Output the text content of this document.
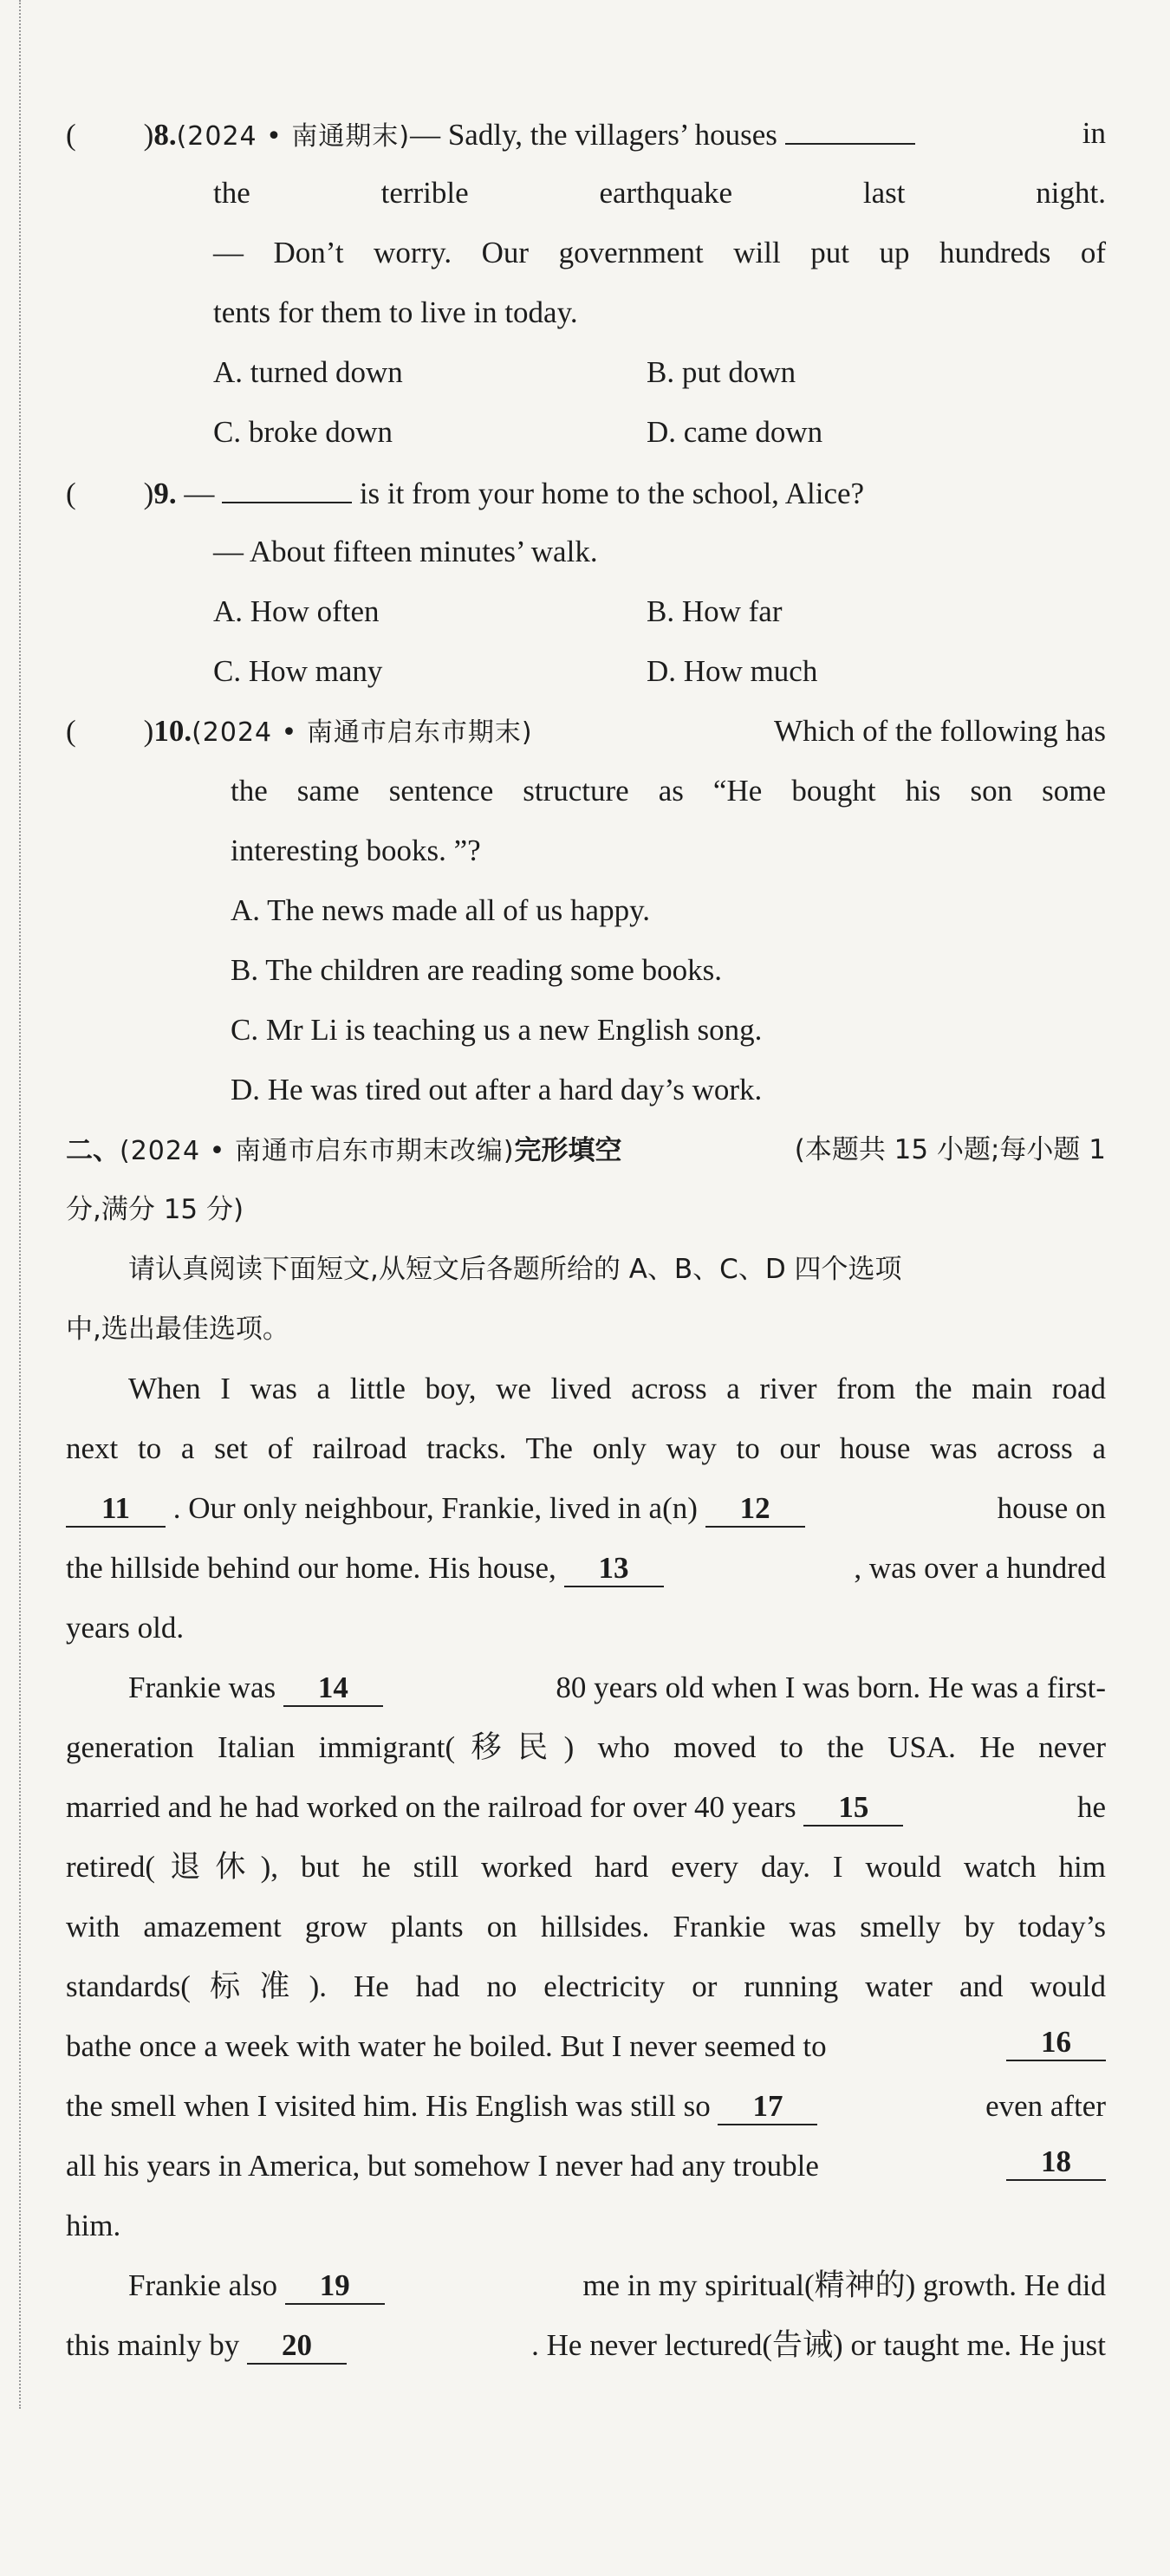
( )8.(2024 • 南通期末)— Sadly, the villagers’ houses	in
the terrible earthquake last night.
— Don’t worry. Our government will put up hundreds of
tents for them to live in today.
A. turned down	B. put down
C. broke down	D. came down
( )9. —	is it from your home to the school, Alice?
— About fifteen minutes’ walk.
A. How often	B. How far
C. How many	D. How much
( )10.(2024 • 南通市启东市期末)	Which of the following has
the same sentence structure as “He bought his son some
interesting books. ”?
A. The news made all of us happy.
B. The children are reading some books.
C. Mr Li is teaching us a new English song.
D. He was tired out after a hard day’s work.
二、(2024 • 南通市启东市期末改编)完形填空	(本题共 15 小题;每小题 1
分,满分 15 分)
请认真阅读下面短文,从短文后各题所给的 A、B、C、D 四个选项
中,选出最佳选项。
When I was a little boy, we lived across a river from the main road
next to a set of railroad tracks. The only way to our house was across a
11 . Our only neighbour, Frankie, lived in a(n) 12	house on
the hillside behind our home. His house, 13	, was over a hundred
years old.
Frankie was 14	80 years old when I was born. He was a first-
generation Italian immigrant(移民) who moved to the USA. He never
married and he had worked on the railroad for over 40 years 15	he
retired(退休), but he still worked hard every day. I would watch him
with amazement grow plants on hillsides. Frankie was smelly by today’s
standards(标准). He had no electricity or running water and would
bathe once a week with water he boiled. But I never seemed to	16
the smell when I visited him. His English was still so 17	even after
all his years in America, but somehow I never had any trouble	18
him.
Frankie also 19	me in my spiritual(精神的) growth. He did
this mainly by 20	. He never lectured(告诫) or taught me. He just
